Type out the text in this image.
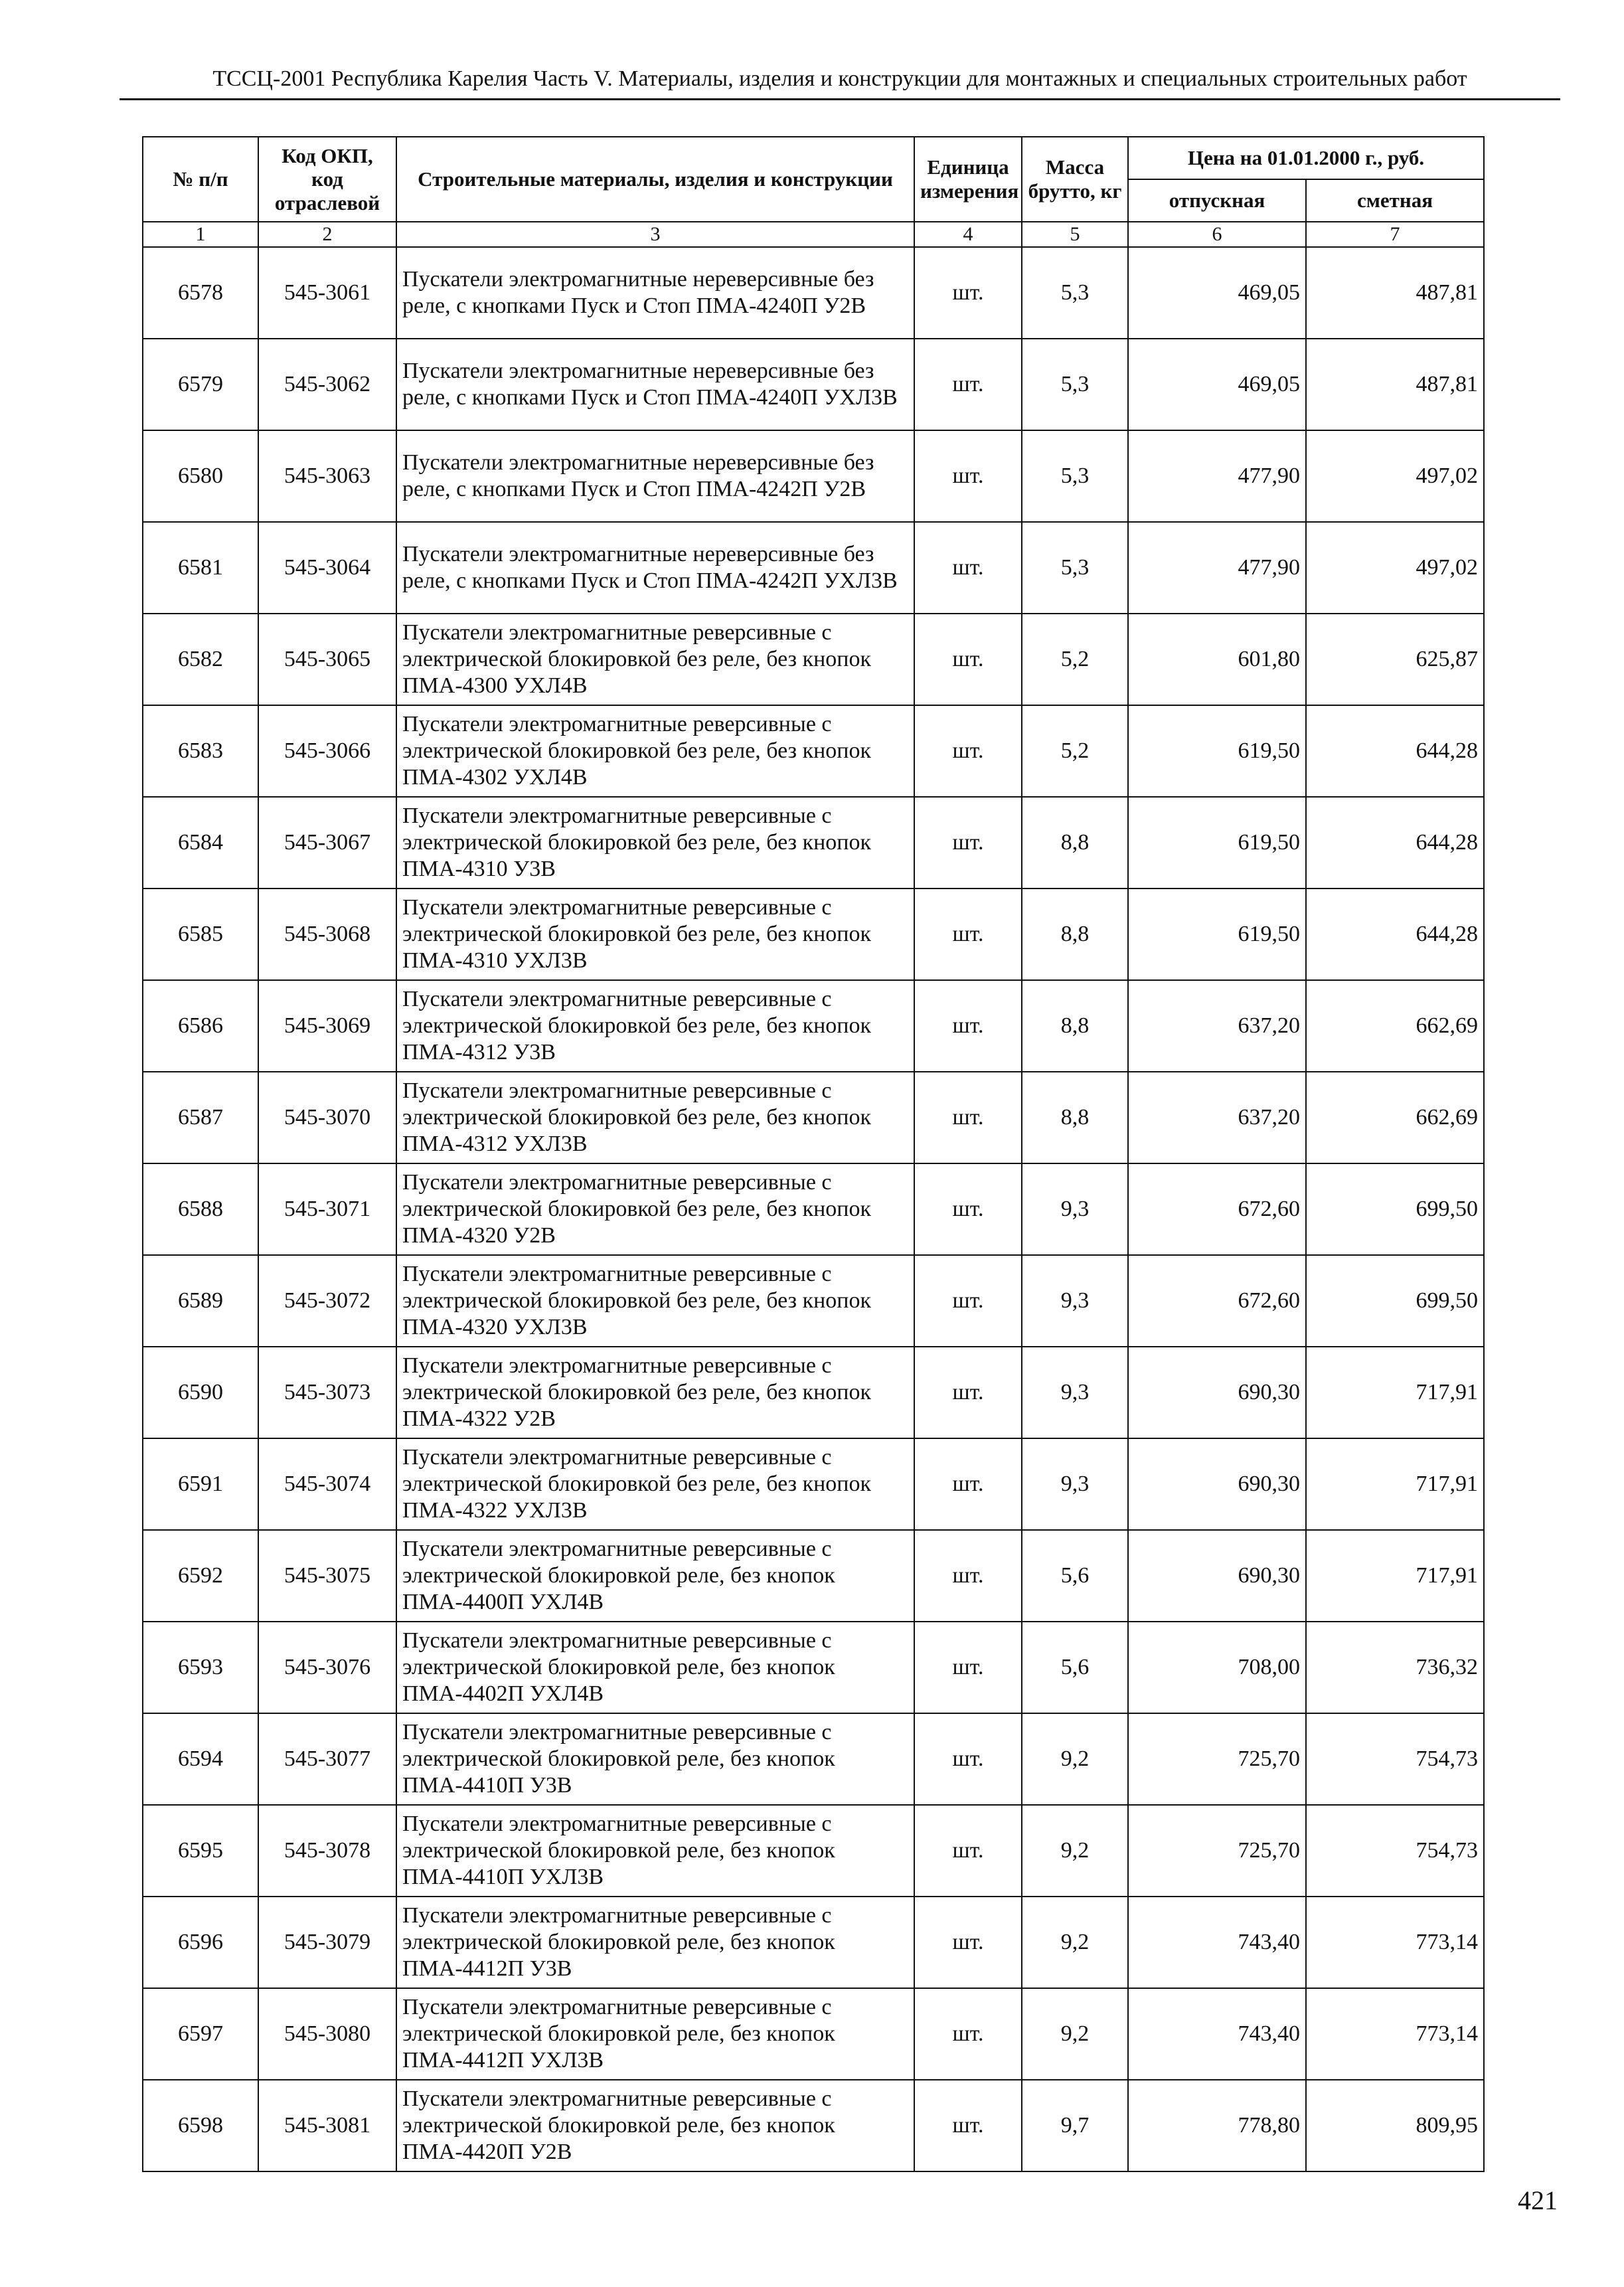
ТССЦ-2001 Республика Карелия Часть V. Материалы, изделия и конструкции для монтажных и специальных строительных работ
№ п/п	Код ОКП, код отраслевой	Строительные материалы, изделия и конструкции	Единица измерения	Масса брутто, кг	Цена на 01.01.2000 г., руб.	
					отпускная	сметная
1	2	3	4	5	6	7
6578	545-3061	Пускатели электромагнитные нереверсивные без реле, с кнопками Пуск и Стоп ПМА-4240П У2В	шт.	5,3	469,05	487,81
6579	545-3062	Пускатели электромагнитные нереверсивные без реле, с кнопками Пуск и Стоп ПМА-4240П УХЛ3В	шт.	5,3	469,05	487,81
6580	545-3063	Пускатели электромагнитные нереверсивные без реле, с кнопками Пуск и Стоп ПМА-4242П У2В	шт.	5,3	477,90	497,02
6581	545-3064	Пускатели электромагнитные нереверсивные без реле, с кнопками Пуск и Стоп ПМА-4242П УХЛ3В	шт.	5,3	477,90	497,02
6582	545-3065	Пускатели электромагнитные реверсивные с электрической блокировкой без реле, без кнопок ПМА-4300 УХЛ4В	шт.	5,2	601,80	625,87
6583	545-3066	Пускатели электромагнитные реверсивные с электрической блокировкой без реле, без кнопок ПМА-4302 УХЛ4В	шт.	5,2	619,50	644,28
6584	545-3067	Пускатели электромагнитные реверсивные с электрической блокировкой без реле, без кнопок ПМА-4310 У3В	шт.	8,8	619,50	644,28
6585	545-3068	Пускатели электромагнитные реверсивные с электрической блокировкой без реле, без кнопок ПМА-4310 УХЛ3В	шт.	8,8	619,50	644,28
6586	545-3069	Пускатели электромагнитные реверсивные с электрической блокировкой без реле, без кнопок ПМА-4312 У3В	шт.	8,8	637,20	662,69
6587	545-3070	Пускатели электромагнитные реверсивные с электрической блокировкой без реле, без кнопок ПМА-4312 УХЛ3В	шт.	8,8	637,20	662,69
6588	545-3071	Пускатели электромагнитные реверсивные с электрической блокировкой без реле, без кнопок ПМА-4320 У2В	шт.	9,3	672,60	699,50
6589	545-3072	Пускатели электромагнитные реверсивные с электрической блокировкой без реле, без кнопок ПМА-4320 УХЛ3В	шт.	9,3	672,60	699,50
6590	545-3073	Пускатели электромагнитные реверсивные с электрической блокировкой без реле, без кнопок ПМА-4322 У2В	шт.	9,3	690,30	717,91
6591	545-3074	Пускатели электромагнитные реверсивные с электрической блокировкой без реле, без кнопок ПМА-4322 УХЛ3В	шт.	9,3	690,30	717,91
6592	545-3075	Пускатели электромагнитные реверсивные с электрической блокировкой реле, без кнопок ПМА-4400П УХЛ4В	шт.	5,6	690,30	717,91
6593	545-3076	Пускатели электромагнитные реверсивные с электрической блокировкой реле, без кнопок ПМА-4402П УХЛ4В	шт.	5,6	708,00	736,32
6594	545-3077	Пускатели электромагнитные реверсивные с электрической блокировкой реле, без кнопок ПМА-4410П У3В	шт.	9,2	725,70	754,73
6595	545-3078	Пускатели электромагнитные реверсивные с электрической блокировкой реле, без кнопок ПМА-4410П УХЛ3В	шт.	9,2	725,70	754,73
6596	545-3079	Пускатели электромагнитные реверсивные с электрической блокировкой реле, без кнопок ПМА-4412П У3В	шт.	9,2	743,40	773,14
6597	545-3080	Пускатели электромагнитные реверсивные с электрической блокировкой реле, без кнопок ПМА-4412П УХЛ3В	шт.	9,2	743,40	773,14
6598	545-3081	Пускатели электромагнитные реверсивные с электрической блокировкой реле, без кнопок ПМА-4420П У2В	шт.	9,7	778,80	809,95
421
